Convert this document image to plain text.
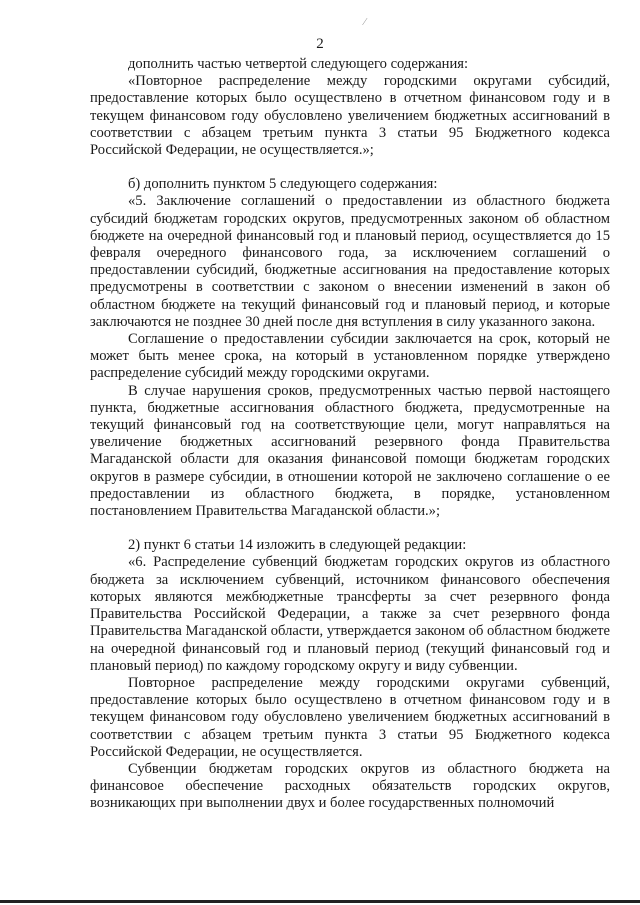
⁄
2

дополнить частью четвертой следующего содержания:

«Повторное распределение между городскими округами субсидий, предоставление которых было осуществлено в отчетном финансовом году и в текущем финансовом году обусловлено увеличением бюджетных ассигнований в соответствии с абзацем третьим пункта 3 статьи 95 Бюджетного кодекса Российской Федерации, не осуществляется.»;

б) дополнить пунктом 5 следующего содержания:

«5. Заключение соглашений о предоставлении из областного бюджета субсидий бюджетам городских округов, предусмотренных законом об областном бюджете на очередной финансовый год и плановый период, осуществляется до 15 февраля очередного финансового года, за исключением соглашений о предоставлении субсидий, бюджетные ассигнования на предоставление которых предусмотрены в соответствии с законом о внесении изменений в закон об областном бюджете на текущий финансовый год и плановый период, и которые заключаются не позднее 30 дней после дня вступления в силу указанного закона.

Соглашение о предоставлении субсидии заключается на срок, который не может быть менее срока, на который в установленном порядке утверждено распределение субсидий между городскими округами.

В случае нарушения сроков, предусмотренных частью первой настоящего пункта, бюджетные ассигнования областного бюджета, предусмотренные на текущий финансовый год на соответствующие цели, могут направляться на увеличение бюджетных ассигнований резервного фонда Правительства Магаданской области для оказания финансовой помощи бюджетам городских округов в размере субсидии, в отношении которой не заключено соглашение о ее предоставлении из областного бюджета, в порядке, установленном постановлением Правительства Магаданской области.»;

2) пункт 6 статьи 14 изложить в следующей редакции:

«6. Распределение субвенций бюджетам городских округов из областного бюджета за исключением субвенций, источником финансового обеспечения которых являются межбюджетные трансферты за счет резервного фонда Правительства Российской Федерации, а также за счет резервного фонда Правительства Магаданской области, утверждается законом об областном бюджете на очередной финансовый год и плановый период (текущий финансовый год и плановый период) по каждому городскому округу и виду субвенции.

Повторное распределение между городскими округами субвенций, предоставление которых было осуществлено в отчетном финансовом году и в текущем финансовом году обусловлено увеличением бюджетных ассигнований в соответствии с абзацем третьим пункта 3 статьи 95 Бюджетного кодекса Российской Федерации, не осуществляется.

Субвенции бюджетам городских округов из областного бюджета на финансовое обеспечение расходных обязательств городских округов, возникающих при выполнении двух и более государственных полномочий
